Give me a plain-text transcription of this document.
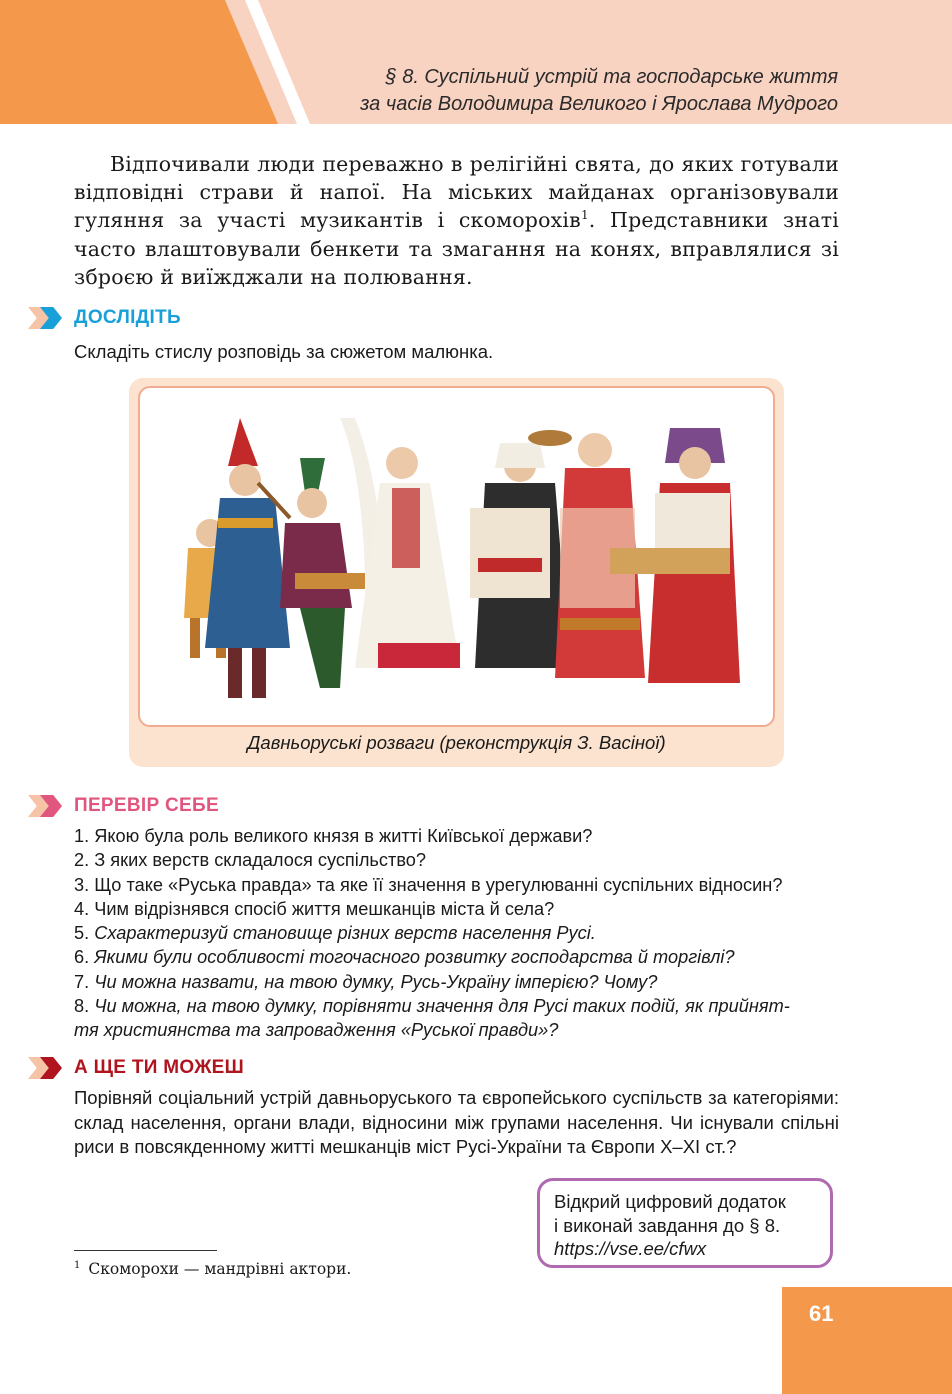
§ 8. Суспільний устрій та господарське життя
за часів Володимира Великого і Ярослава Мудрого
Відпочивали люди переважно в релігійні свята, до яких готували відповідні страви й напої. На міських майданах організовували гуляння за участі музикантів і скоморохів$^1$. Представники знаті часто влаштовували бенкети та змагання на конях, вправлялися зі зброєю й виїжджали на полювання.
ДОСЛІДІТЬ
Складіть стислу розповідь за сюжетом малюнка.
Давньоруські розваги (реконструкція З. Васіної)
ПЕРЕВІР СЕБЕ
1. Якою була роль великого князя в житті Київської держави?
2. З яких верств складалося суспільство?
3. Що таке «Руська правда» та яке її значення в урегулюванні суспільних відносин?
4. Чим відрізнявся спосіб життя мешканців міста й села?
5. Схарактеризуй становище різних верств населення Русі.
6. Якими були особливості тогочасного розвитку господарства й торгівлі?
7. Чи можна назвати, на твою думку, Русь-Україну імперією? Чому?
8. Чи можна, на твою думку, порівняти значення для Русі таких подій, як прийнят-
тя християнства та запровадження «Руської правди»?
А ЩЕ ТИ МОЖЕШ
Порівняй соціальний устрій давньоруського та європейського суспільств за категоріями: склад населення, органи влади, відносини між групами населення. Чи існували спільні риси в повсякденному житті мешканців міст Русі-України та Європи X–XI ст.?
Відкрий цифровий додаток
і виконай завдання до § 8.
https://vse.ee/cfwx
$^1$ Скоморохи — мандрівні актори.
61
